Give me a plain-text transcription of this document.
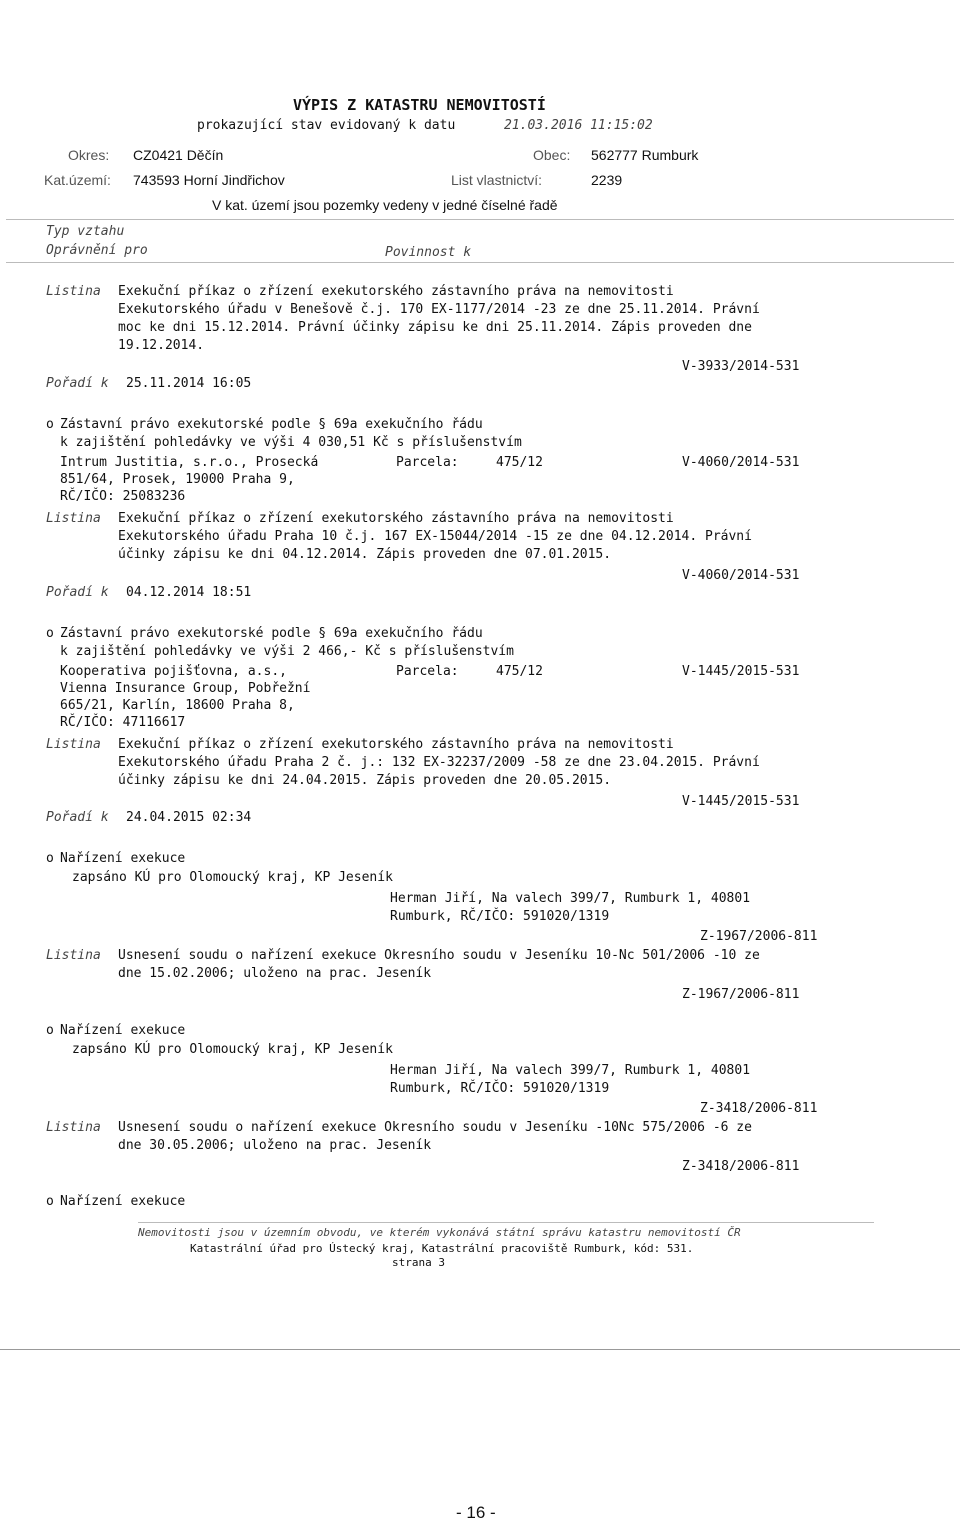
VÝPIS Z KATASTRU NEMOVITOSTÍ
prokazující stav evidovaný k datu	21.03.2016 11:15:02
Okres: CZ0421 Děčín	Obec: 562777 Rumburk
Kat.území: 743593 Horní Jindřichov	List vlastnictví:	2239
V kat. území jsou pozemky vedeny v jedné číselné řadě
Typ vztahu
Oprávnění pro	Povinnost k
Listina Exekuční příkaz o zřízení exekutorského zástavního práva na nemovitosti
Exekutorského úřadu v Benešově č.j. 170 EX-1177/2014 -23 ze dne 25.11.2014. Právní
moc ke dni 15.12.2014. Právní účinky zápisu ke dni 25.11.2014. Zápis proveden dne
19.12.2014.
V-3933/2014-531
Pořadí k 25.11.2014 16:05
o Zástavní právo exekutorské podle § 69a exekučního řádu
k zajištění pohledávky ve výši 4 030,51 Kč s příslušenstvím
Intrum Justitia, s.r.o., Prosecká
851/64, Prosek, 19000 Praha 9,
RČ/IČO: 25083236
Parcela:	475/12	V-4060/2014-531
Listina Exekuční příkaz o zřízení exekutorského zástavního práva na nemovitosti
Exekutorského úřadu Praha 10 č.j. 167 EX-15044/2014 -15 ze dne 04.12.2014. Právní
účinky zápisu ke dni 04.12.2014. Zápis proveden dne 07.01.2015.
V-4060/2014-531
Pořadí k 04.12.2014 18:51
o Zástavní právo exekutorské podle § 69a exekučního řádu
k zajištění pohledávky ve výši 2 466,- Kč s příslušenstvím
Kooperativa pojišťovna, a.s.,
Vienna Insurance Group, Pobřežní
665/21, Karlín, 18600 Praha 8,
RČ/IČO: 47116617
Parcela:	475/12	V-1445/2015-531
Listina Exekuční příkaz o zřízení exekutorského zástavního práva na nemovitosti
Exekutorského úřadu Praha 2 č. j.: 132 EX-32237/2009 -58 ze dne 23.04.2015. Právní
účinky zápisu ke dni 24.04.2015. Zápis proveden dne 20.05.2015.
V-1445/2015-531
Pořadí k 24.04.2015 02:34
o Nařízení exekuce
zapsáno KÚ pro Olomoucký kraj, KP Jeseník
Herman Jiří, Na valech 399/7, Rumburk 1, 40801
Rumburk, RČ/IČO: 591020/1319
Z-1967/2006-811
Listina Usnesení soudu o nařízení exekuce Okresního soudu v Jeseníku 10-Nc 501/2006 -10 ze
dne 15.02.2006; uloženo na prac. Jeseník
Z-1967/2006-811
o Nařízení exekuce
zapsáno KÚ pro Olomoucký kraj, KP Jeseník
Herman Jiří, Na valech 399/7, Rumburk 1, 40801
Rumburk, RČ/IČO: 591020/1319
Z-3418/2006-811
Listina Usnesení soudu o nařízení exekuce Okresního soudu v Jeseníku -10Nc 575/2006 -6 ze
dne 30.05.2006; uloženo na prac. Jeseník
Z-3418/2006-811
o Nařízení exekuce
Nemovitosti jsou v územním obvodu, ve kterém vykonává státní správu katastru nemovitostí ČR
Katastrální úřad pro Ústecký kraj, Katastrální pracoviště Rumburk, kód: 531.
strana 3
- 16 -
